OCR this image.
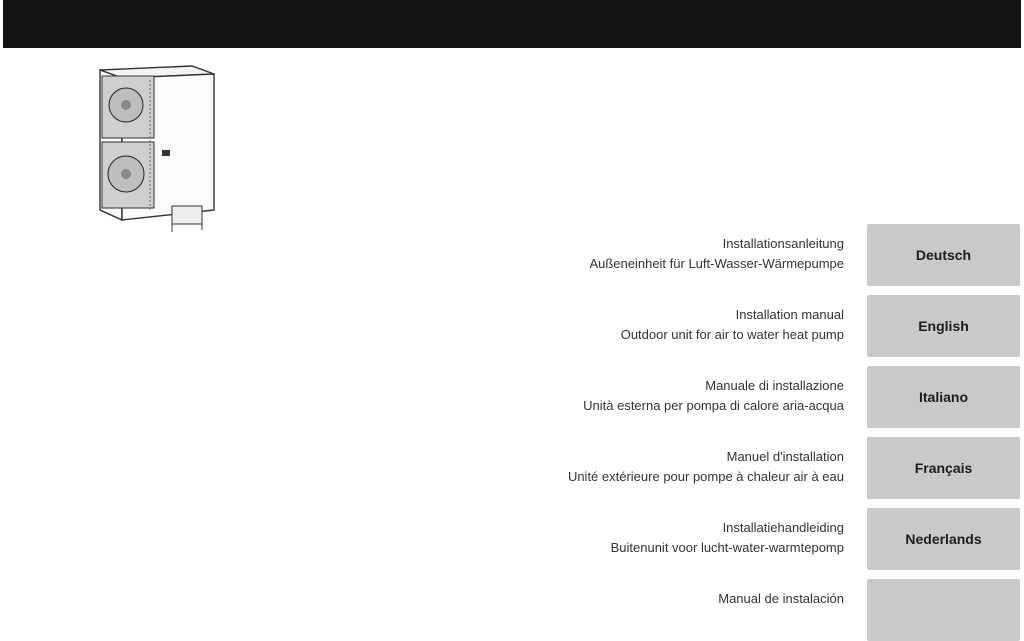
Installationsanleitung
Außeneinheit für Luft-Wasser-Wärmepumpe
Deutsch
Installation manual
Outdoor unit for air to water heat pump
English
Manuale di installazione
Unità esterna per pompa di calore aria-acqua
Italiano
Manuel d'installation
Unité extérieure pour pompe à chaleur air à eau
Français
Installatiehandleiding
Buitenunit voor lucht-water-warmtepomp
Nederlands
Manual de instalación
